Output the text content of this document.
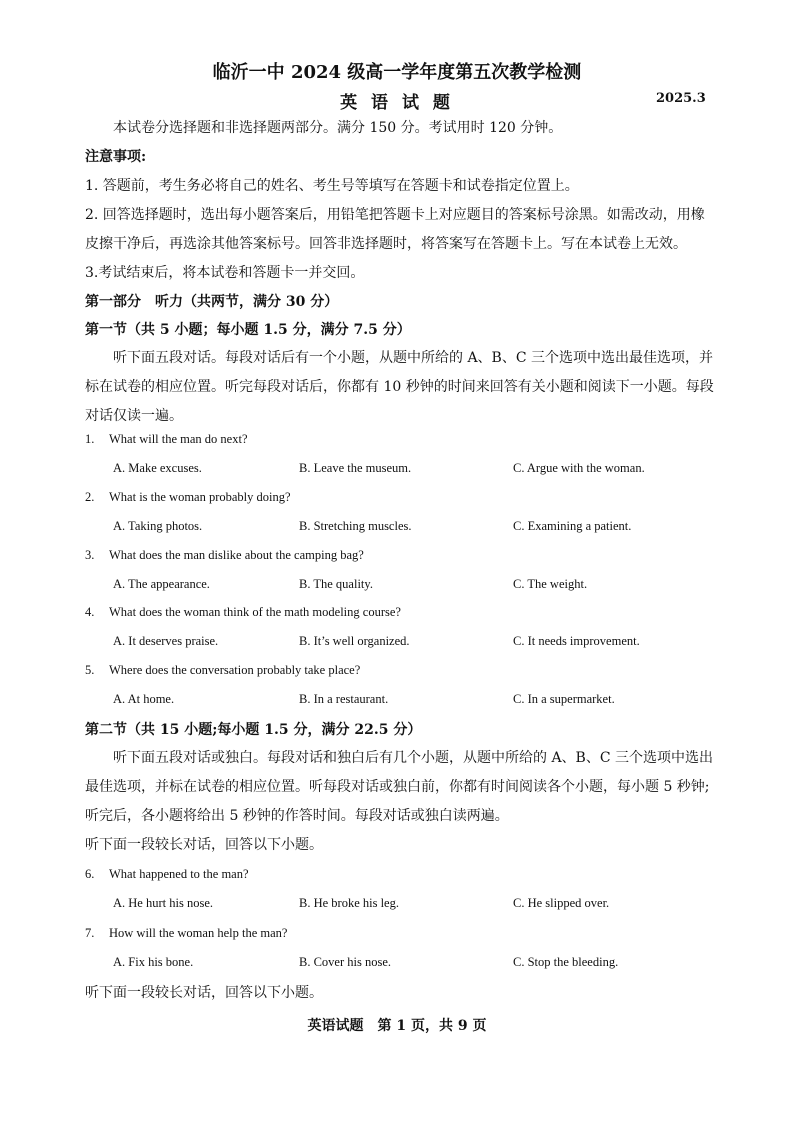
临沂一中 2024 级高一学年度第五次教学检测
英 语 试 题	2025.3
本试卷分选择题和非选择题两部分。满分 150 分。考试用时 120 分钟。
注意事项:
1. 答题前，考生务必将自己的姓名、考生号等填写在答题卡和试卷指定位置上。
2. 回答选择题时，选出每小题答案后，用铅笔把答题卡上对应题目的答案标号涂黑。如需改动，用橡皮擦干净后，再选涂其他答案标号。回答非选择题时，将答案写在答题卡上。写在本试卷上无效。
3.考试结束后，将本试卷和答题卡一并交回。
第一部分　听力（共两节，满分 30 分）
第一节（共 5 小题；每小题 1.5 分，满分 7.5 分）
听下面五段对话。每段对话后有一个小题，从题中所给的 A、B、C 三个选项中选出最佳选项，并标在试卷的相应位置。听完每段对话后，你都有 10 秒钟的时间来回答有关小题和阅读下一小题。每段对话仅读一遍。
1. What will the man do next?
A. Make excuses.	B. Leave the museum.	C. Argue with the woman.
2. What is the woman probably doing?
A. Taking photos.	B. Stretching muscles.	C. Examining a patient.
3. What does the man dislike about the camping bag?
A. The appearance.	B. The quality.	C. The weight.
4. What does the woman think of the math modeling course?
A. It deserves praise.	B. It’s well organized.	C. It needs improvement.
5. Where does the conversation probably take place?
A. At home.	B. In a restaurant.	C. In a supermarket.
第二节（共 15 小题;每小题 1.5 分，满分 22.5 分）
听下面五段对话或独白。每段对话和独白后有几个小题，从题中所给的 A、B、C 三个选项中选出最佳选项，并标在试卷的相应位置。听每段对话或独白前，你都有时间阅读各个小题，每小题 5 秒钟;听完后，各小题将给出 5 秒钟的作答时间。每段对话或独白读两遍。
听下面一段较长对话，回答以下小题。
6. What happened to the man?
A. He hurt his nose.	B. He broke his leg.	C. He slipped over.
7. How will the woman help the man?
A. Fix his bone.	B. Cover his nose.	C. Stop the bleeding.
听下面一段较长对话，回答以下小题。
英语试题　第 1 页，共 9 页
